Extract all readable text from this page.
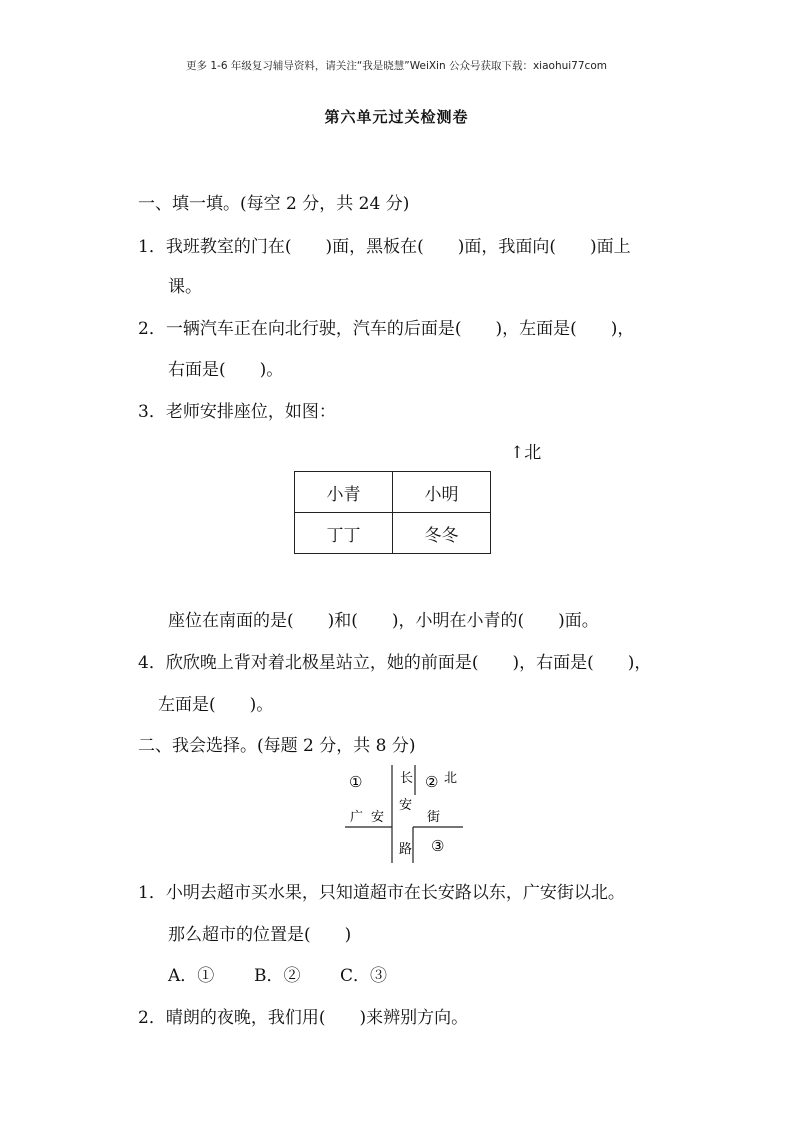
更多 1-6 年级复习辅导资料，请关注“我是晓慧”WeiXin 公众号获取下载：xiaohui77com
第六单元过关检测卷
一、填一填。(每空 2 分，共 24 分)
1．我班教室的门在(　　)面，黑板在(　　)面，我面向(　　)面上
课。
2．一辆汽车正在向北行驶，汽车的后面是(　　)，左面是(　　)，
右面是(　　)。
3．老师安排座位，如图：
↑北
小青	小明
丁丁	冬冬
座位在南面的是(　　)和(　　)，小明在小青的(　　)面。
4．欣欣晚上背对着北极星站立，她的前面是(　　)，右面是(　　)，
左面是(　　)。
二、我会选择。(每题 2 分，共 8 分)
①	长 ② 北
安
广 安	街
路 ③
1．小明去超市买水果，只知道超市在长安路以东，广安街以北。
那么超市的位置是(　　)
A．① B．② C．③
2．晴朗的夜晚，我们用(　　)来辨别方向。
